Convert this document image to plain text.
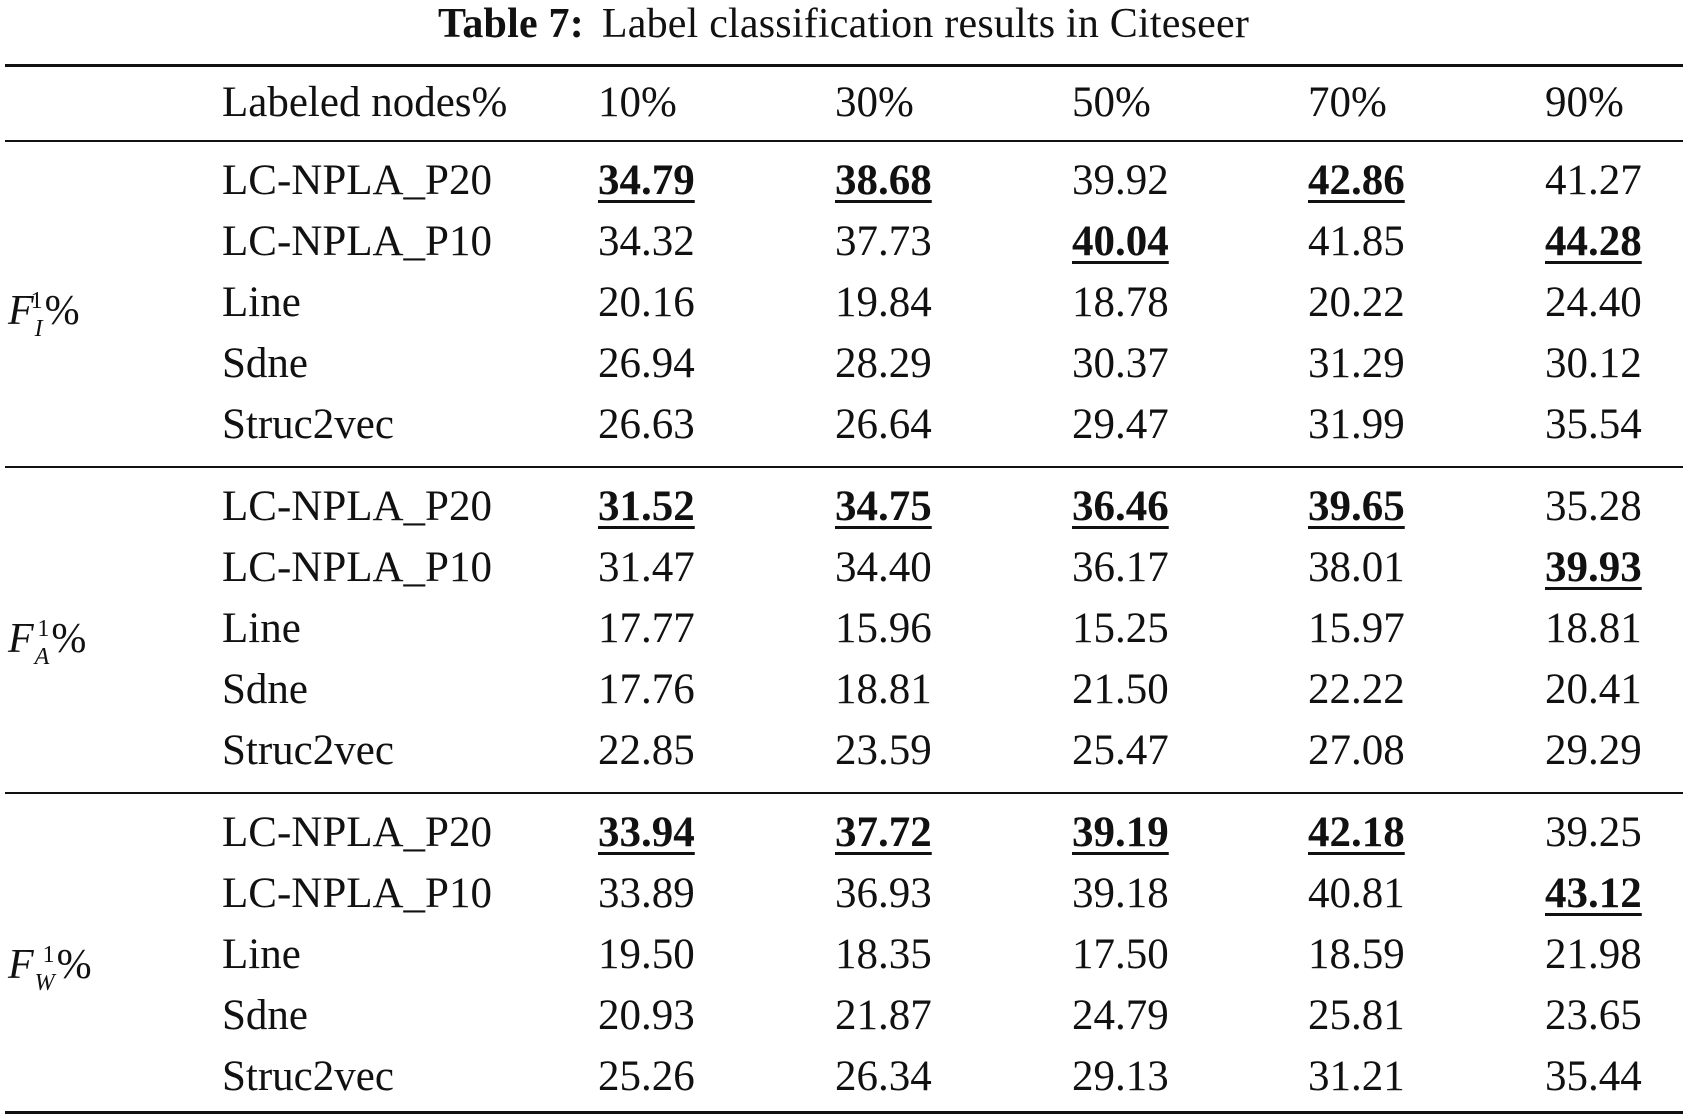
Table 7: Label classification results in Citeseer
Labeled nodes% 10%	30%	50%	70%	90%
$F_I^1\%$
LC-NPLA_P20 34.79	38.68	39.92	42.86	41.27
LC-NPLA_P10 34.32	37.73	40.04	41.85	44.28
Line	20.16	19.84	18.78	20.22	24.40
Sdne	26.94	28.29	30.37	31.29	30.12
Struc2vec	26.63	26.64	29.47	31.99	35.54
$F_A^1\%$
LC-NPLA_P20 31.52	34.75	36.46	39.65	35.28
LC-NPLA_P10 31.47	34.40	36.17	38.01	39.93
Line	17.77	15.96	15.25	15.97	18.81
Sdne	17.76	18.81	21.50	22.22	20.41
Struc2vec	22.85	23.59	25.47	27.08	29.29
$F_W^1\%$
LC-NPLA_P20 33.94	37.72	39.19	42.18	39.25
LC-NPLA_P10 33.89	36.93	39.18	40.81	43.12
Line	19.50	18.35	17.50	18.59	21.98
Sdne	20.93	21.87	24.79	25.81	23.65
Struc2vec	25.26	26.34	29.13	31.21	35.44
